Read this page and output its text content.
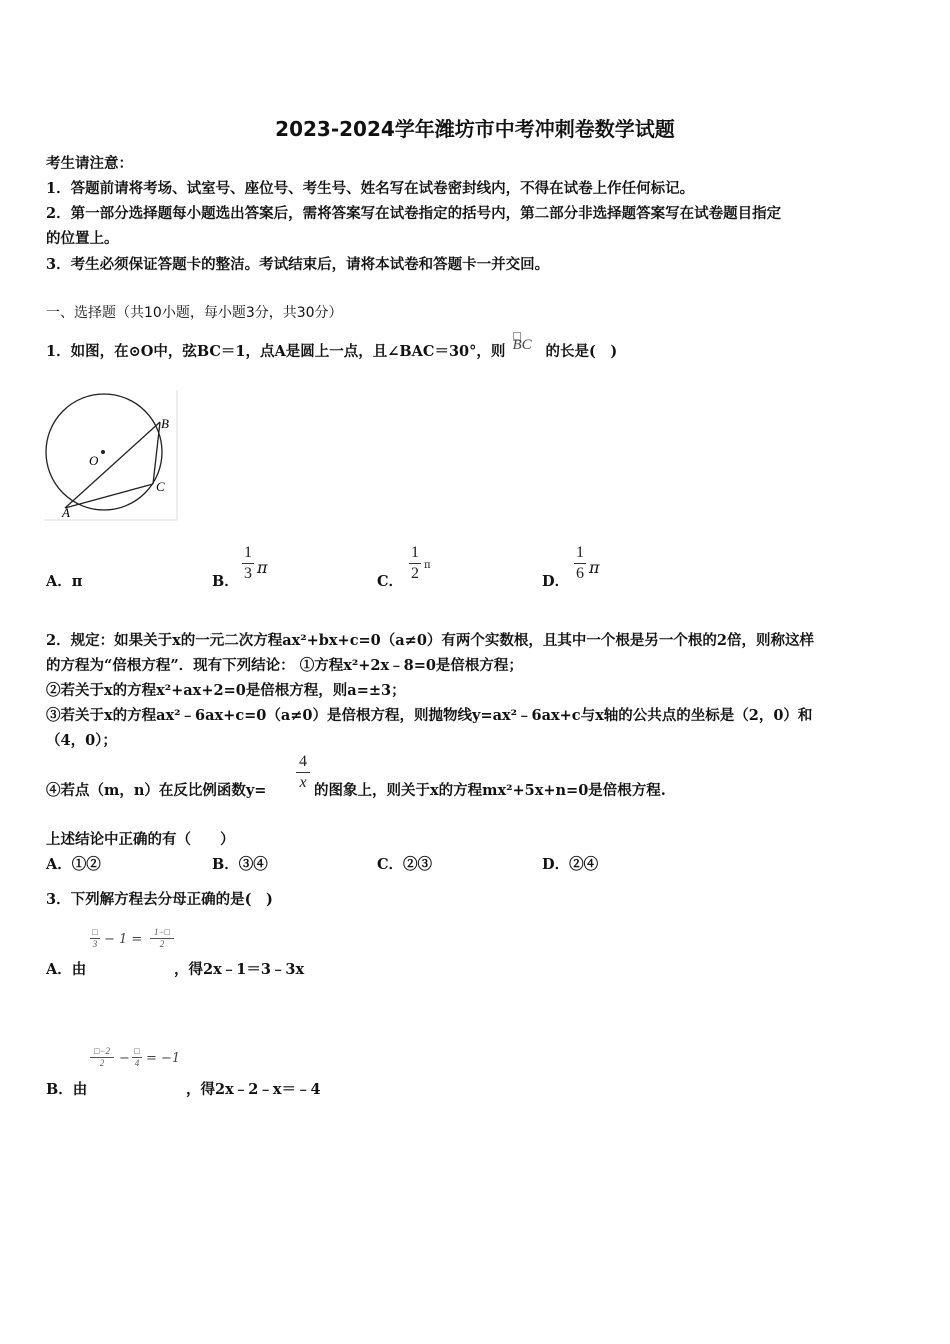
2023-2024学年潍坊市中考冲刺卷数学试题
考生请注意：
1．答题前请将考场、试室号、座位号、考生号、姓名写在试卷密封线内，不得在试卷上作任何标记。
2．第一部分选择题每小题选出答案后，需将答案写在试卷指定的括号内，第二部分非选择题答案写在试卷题目指定
的位置上。
3．考生必须保证答题卡的整洁。考试结束后，请将本试卷和答题卡一并交回。
一、选择题（共10小题，每小题3分，共30分）
1．如图，在⊙O中，弦BC＝1，点A是圆上一点，且∠BAC＝30°，则 BC 的长是(　)
B
C
O
A
A．π	B．
1
3 π
C．
1
2 π
D．
1
6 π
2．规定：如果关于x的一元二次方程ax²+bx+c=0（a≠0）有两个实数根，且其中一个根是另一个根的2倍，则称这样
的方程为“倍根方程”．现有下列结论： ①方程x²+2x﹣8=0是倍根方程；
②若关于x的方程x²+ax+2=0是倍根方程，则a=±3；
③若关于x的方程ax²﹣6ax+c=0（a≠0）是倍根方程，则抛物线y=ax²﹣6ax+c与x轴的公共点的坐标是（2，0）和
（4，0）；
④若点（m，n）在反比例函数y=
4
x 的图象上，则关于x的方程mx²+5x+n=0是倍根方程.
上述结论中正确的有（　　）
A．①②	B．③④	C．②③	D．②④
3．下列解方程去分母正确的是(　)
□
3 − 1 =	1−□
2
A．由	，得2x﹣1＝3﹣3x
□−2
2	− □
4 = −1
B．由	，得2x﹣2﹣x＝﹣4
